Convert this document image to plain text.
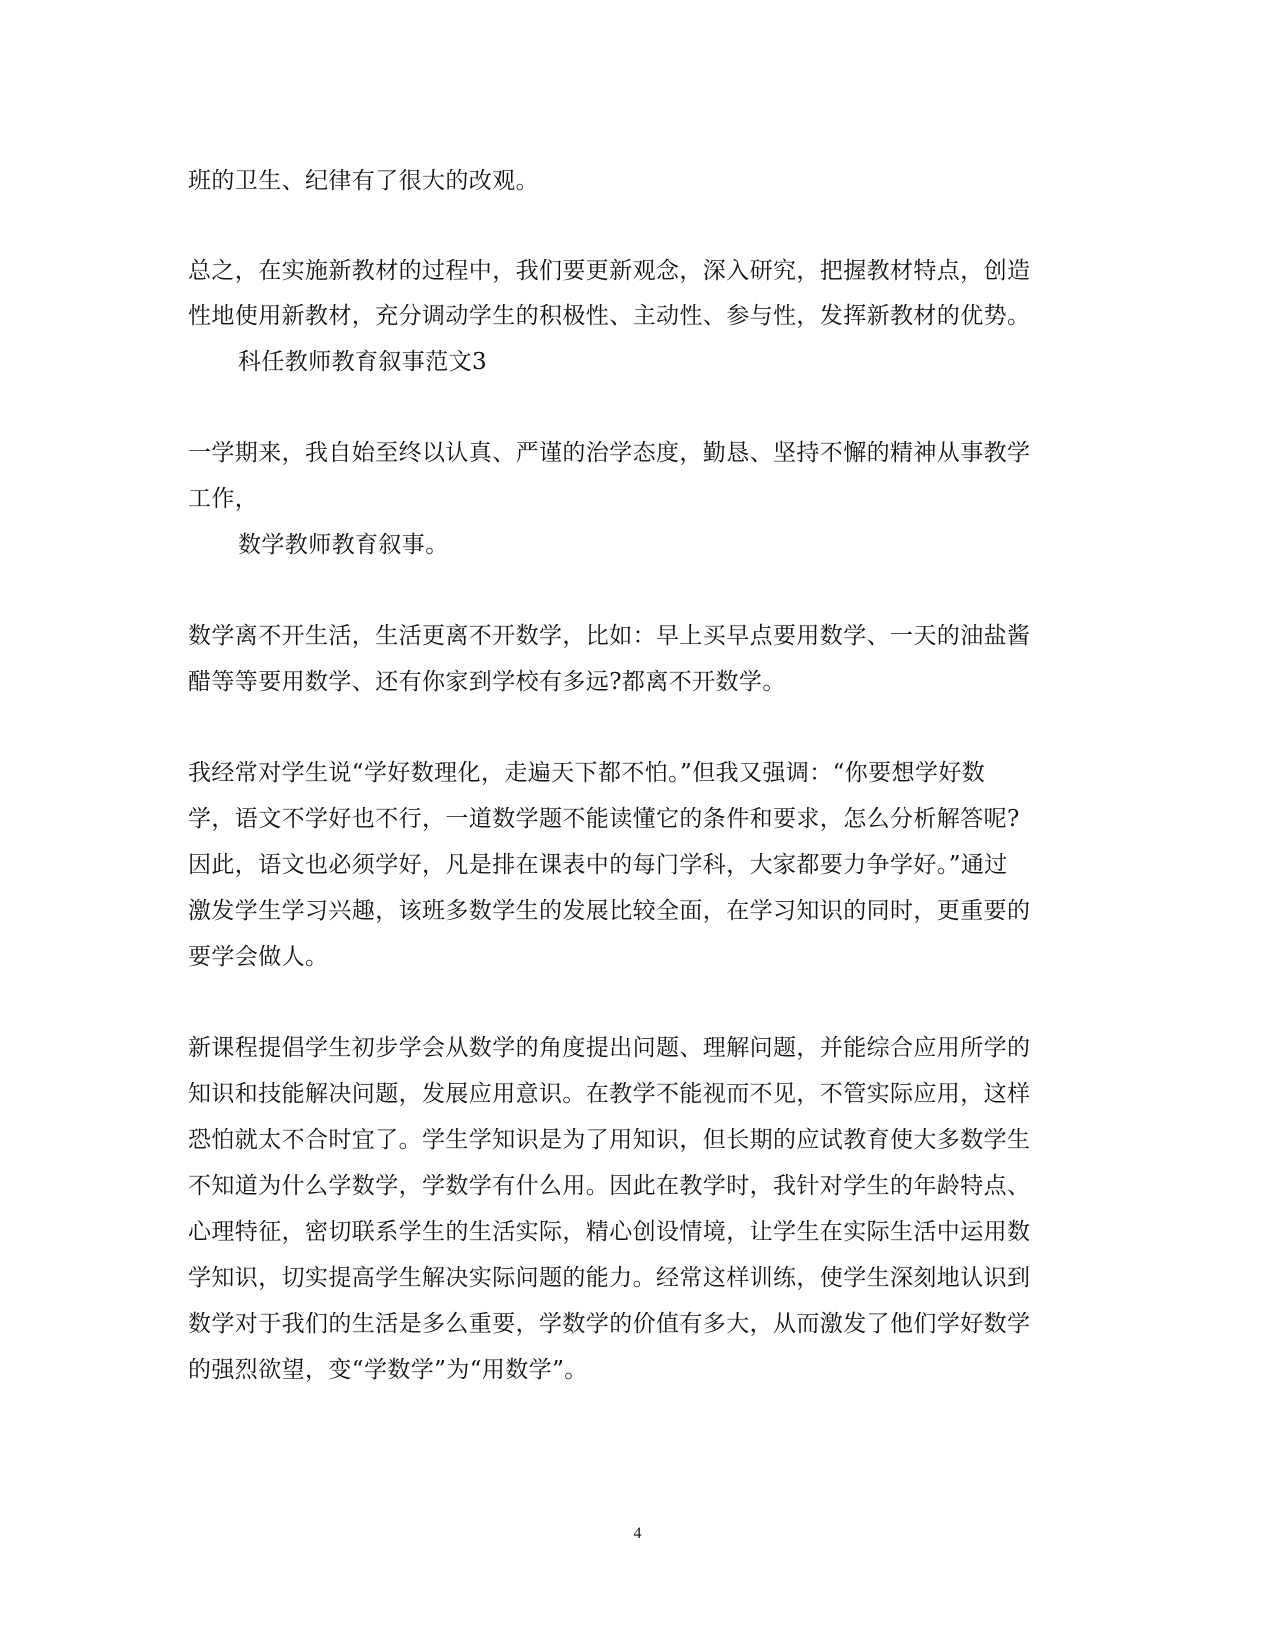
班的卫生、纪律有了很大的改观。
总之，在实施新教材的过程中，我们要更新观念，深入研究，把握教材特点，创造
性地使用新教材，充分调动学生的积极性、主动性、参与性，发挥新教材的优势。
科任教师教育叙事范文3
一学期来，我自始至终以认真、严谨的治学态度，勤恳、坚持不懈的精神从事教学
工作，
数学教师教育叙事。
数学离不开生活，生活更离不开数学，比如：早上买早点要用数学、一天的油盐酱
醋等等要用数学、还有你家到学校有多远?都离不开数学。
我经常对学生说“学好数理化，走遍天下都不怕。”但我又强调：“你要想学好数
学，语文不学好也不行，一道数学题不能读懂它的条件和要求，怎么分析解答呢?
因此，语文也必须学好，凡是排在课表中的每门学科，大家都要力争学好。”通过
激发学生学习兴趣，该班多数学生的发展比较全面，在学习知识的同时，更重要的
要学会做人。
新课程提倡学生初步学会从数学的角度提出问题、理解问题，并能综合应用所学的
知识和技能解决问题，发展应用意识。在教学不能视而不见，不管实际应用，这样
恐怕就太不合时宜了。学生学知识是为了用知识，但长期的应试教育使大多数学生
不知道为什么学数学，学数学有什么用。因此在教学时，我针对学生的年龄特点、
心理特征，密切联系学生的生活实际，精心创设情境，让学生在实际生活中运用数
学知识，切实提高学生解决实际问题的能力。经常这样训练，使学生深刻地认识到
数学对于我们的生活是多么重要，学数学的价值有多大，从而激发了他们学好数学
的强烈欲望，变“学数学”为“用数学”。
4
